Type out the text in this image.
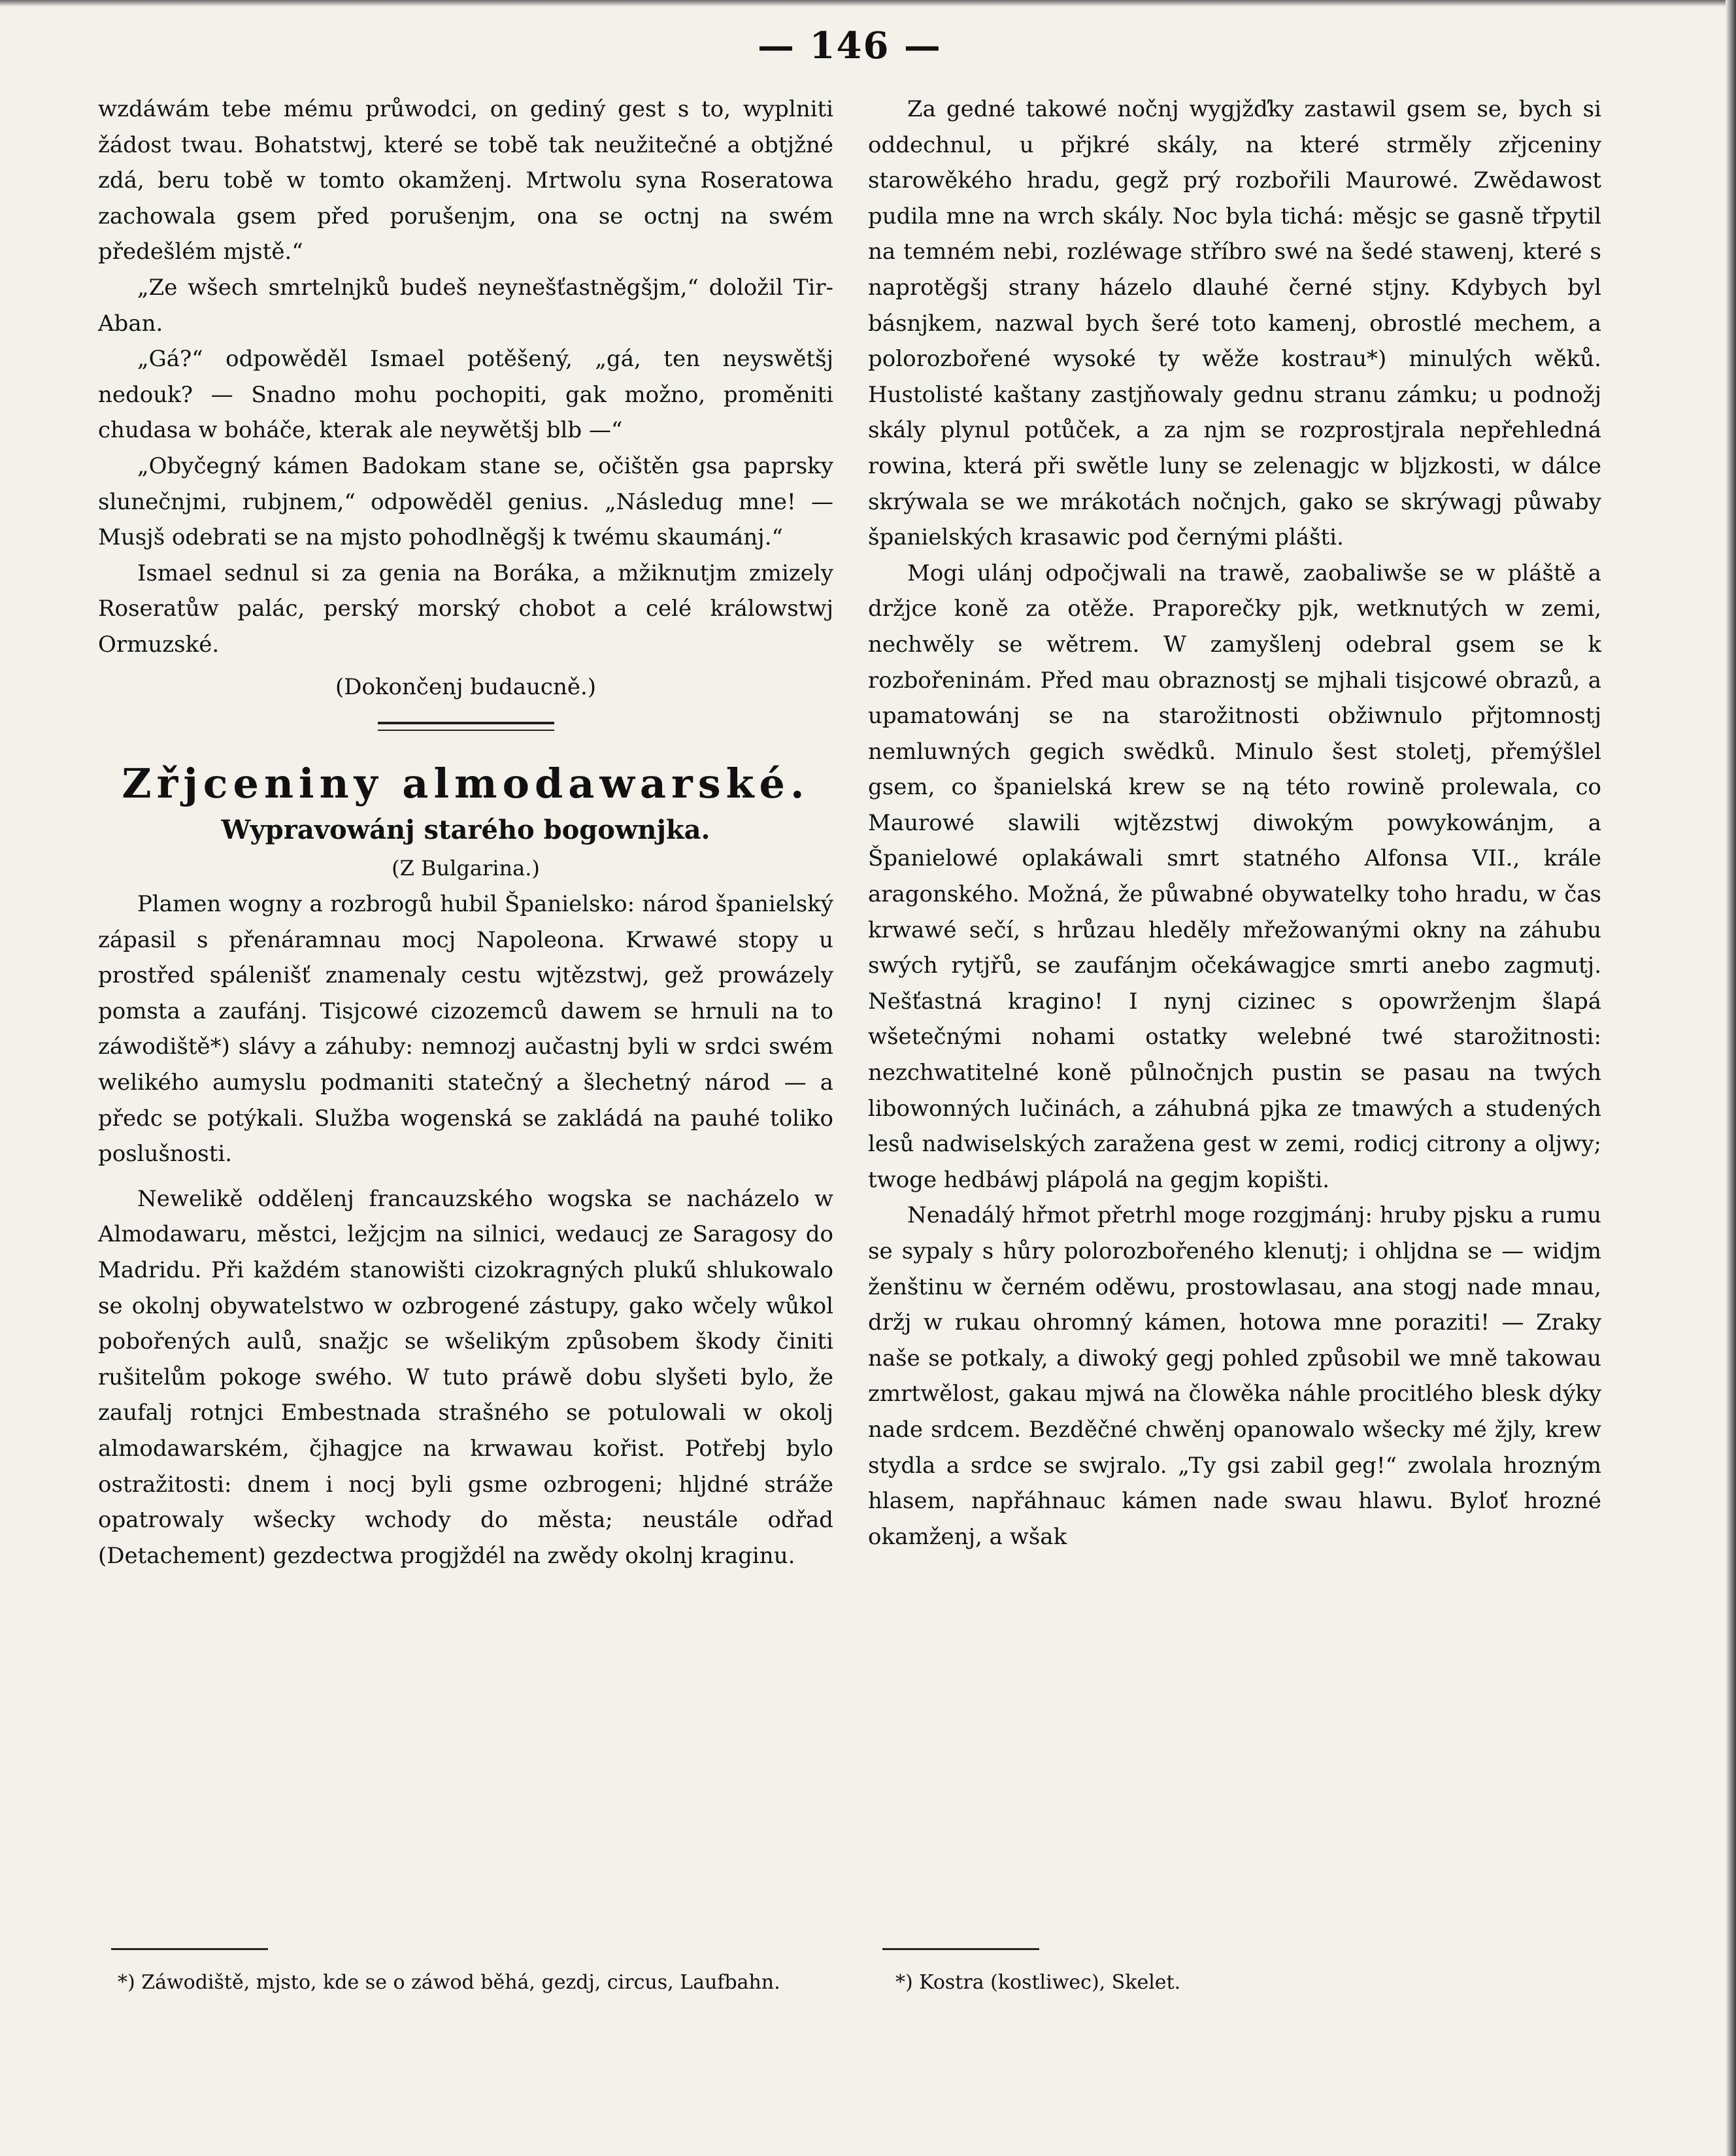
— 146 —

wzdáwám tebe mému průwodci, on gediný gest s to, wyplniti žádost twau. Bohatstwj, které se tobě tak neužitečné a obtjžné zdá, beru tobě w tomto okamženj. Mrtwolu syna Roseratowa zachowala gsem před porušenjm, ona se octnj na swém předešlém mjstě.“

„Ze wšech smrtelnjků budeš neynešťastněgšjm,“ doložil Tir-Aban.

„Gá?“ odpowěděl Ismael potěšený, „gá, ten neyswětšj nedouk? — Snadno mohu pochopiti, gak možno, proměniti chudasa w boháče, kterak ale neywětšj blb —“

„Obyčegný kámen Badokam stane se, očištěn gsa paprsky slunečnjmi, rubjnem,“ odpowěděl genius. „Následug mne! — Musjš odebrati se na mjsto pohodlněgšj k twému skaumánj.“

Ismael sednul si za genia na Boráka, a mžiknutjm zmizely Roseratůw palác, perský morský chobot a celé králowstwj Ormuzské.

(Dokončenj budaucně.)

Zřjceniny almodawarské.
Wypravowánj starého bogownjka.
(Z Bulgarina.)

Plamen wogny a rozbrogů hubil Španielsko: národ španielský zápasil s přenáramnau mocj Napoleona. Krwawé stopy u prostřed spálenišť znamenaly cestu wjtězstwj, gež prowázely pomsta a zaufánj. Tisjcowé cizozemců dawem se hrnuli na to záwodiště*) slávy a záhuby: nemnozj aučastnj byli w srdci swém welikého aumyslu podmaniti statečný a šlechetný národ — a předc se potýkali. Služba wogenská se zakládá na pauhé toliko poslušnosti.

Newelikě oddělenj francauzského wogska se nacházelo w Almodawaru, městci, ležjcjm na silnici, wedaucj ze Saragosy do Madridu. Při každém stanowišti cizokragných plukű shlukowalo se okolnj obywatelstwo w ozbrogené zástupy, gako wčely wůkol pobořených aulů, snažjc se wšelikým způsobem škody činiti rušitelům pokoge swého. W tuto práwě dobu slyšeti bylo, že zaufalj rotnjci Embestnada strašného se potulowali w okolj almodawarském, čjhagjce na krwawau kořist. Potřebj bylo ostražitosti: dnem i nocj byli gsme ozbrogeni; hljdné stráže opatrowaly wšecky wchody do města; neustále odřad (Detachement) gezdectwa progjždél na zwědy okolnj kraginu.

Za gedné takowé nočnj wygjžďky zastawil gsem se, bych si oddechnul, u přjkré skály, na které strměly zřjceniny starowěkého hradu, gegž prý rozbořili Maurowé. Zwědawost pudila mne na wrch skály. Noc byla tichá: měsjc se gasně třpytil na temném nebi, rozléwage stříbro swé na šedé stawenj, které s naprotěgšj strany házelo dlauhé černé stjny. Kdybych byl básnjkem, nazwal bych šeré toto kamenj, obrostlé mechem, a polorozbořené wysoké ty wěže kostrau*) minulých wěků. Hustolisté kaštany zastjňowaly gednu stranu zámku; u podnožj skály plynul potůček, a za njm se rozprostjrala nepřehledná rowina, která při swětle luny se zelenagjc w bljzkosti, w dálce skrýwala se we mrákotách nočnjch, gako se skrýwagj půwaby španielských krasawic pod černými plášti.

Mogi ulánj odpočjwali na trawě, zaobaliwše se w pláště a držjce koně za otěže. Praporečky pjk, wetknutých w zemi, nechwěly se wětrem. W zamyšlenj odebral gsem se k rozbořeninám. Před mau obraznostj se mjhali tisjcowé obrazů, a upamatowánj se na starožitnosti obžiwnulo přjtomnostj nemluwných gegich swědků. Minulo šest stoletj, přemýšlel gsem, co španielská krew se ną této rowině prolewala, co Maurowé slawili wjtězstwj diwokým powykowánjm, a Španielowé oplakáwali smrt statného Alfonsa VII., krále aragonského. Možná, že půwabné obywatelky toho hradu, w čas krwawé sečí, s hrůzau hleděly mřežowanými okny na záhubu swých rytjřů, se zaufánjm očekáwagjce smrti anebo zagmutj. Nešťastná kragino! I nynj cizinec s opowrženjm šlapá wšetečnými nohami ostatky welebné twé starožitnosti: nezchwatitelné koně půlnočnjch pustin se pasau na twých libowonných lučinách, a záhubná pjka ze tmawých a studených lesů nadwiselských zaražena gest w zemi, rodicj citrony a oljwy; twoge hedbáwj plápolá na gegjm kopišti.

Nenadálý hřmot přetrhl moge rozgjmánj: hruby pjsku a rumu se sypaly s hůry polorozbořeného klenutj; i ohljdna se — widjm ženštinu w černém oděwu, prostowlasau, ana stogj nade mnau, držj w rukau ohromný kámen, hotowa mne poraziti! — Zraky naše se potkaly, a diwoký gegj pohled způsobil we mně takowau zmrtwělost, gakau mjwá na člowěka náhle procitlého blesk dýky nade srdcem. Bezděčné chwěnj opanowalo wšecky mé žjly, krew stydla a srdce se swjralo. „Ty gsi zabil geg!“ zwolala hrozným hlasem, napřáhnauc kámen nade swau hlawu. Byloť hrozné okamženj, a wšak

*) Záwodiště, mjsto, kde se o záwod běhá, gezdj, circus, Laufbahn.	*) Kostra (kostliwec), Skelet.
